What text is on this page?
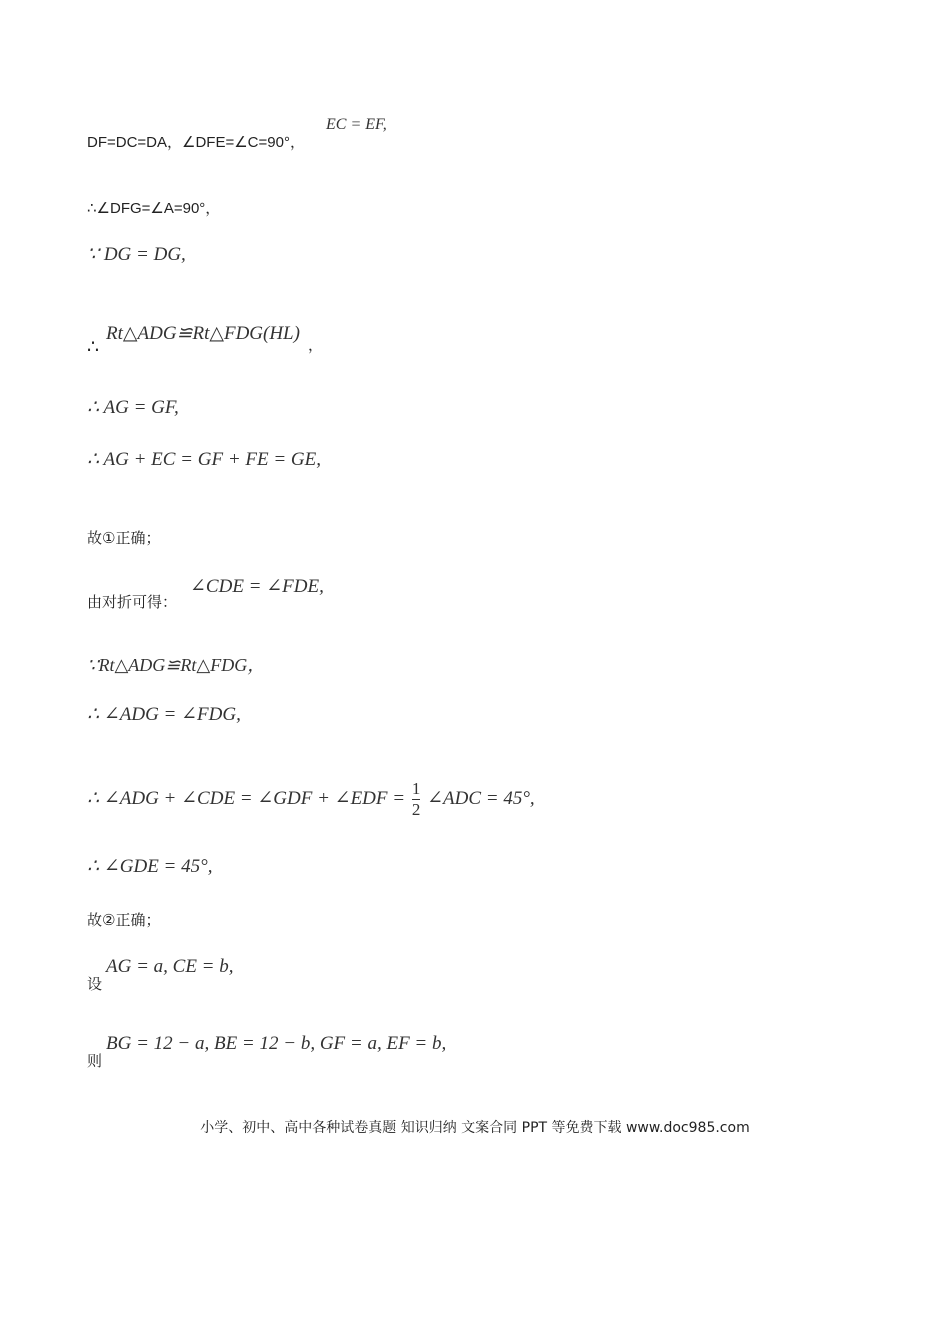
DF=DC=DA，∠DFE=∠C=90°，
EC = EF,
∴∠DFG=∠A=90°，
∵ DG = DG,
∴
Rt△ADG≌Rt△FDG(HL)
，
∴ AG = GF,
∴ AG + EC = GF + FE = GE,
故①正确；
由对折可得：
∠CDE = ∠FDE,
∵Rt△ADG≌Rt△FDG，
∴ ∠ADG = ∠FDG,
∴ ∠ADG + ∠CDE = ∠GDF + ∠EDF = $\frac{1}{2}$ ∠ADC = 45°,
∴ ∠GDE = 45°,
故②正确；
设
AG = a, CE = b,
则
BG = 12 − a, BE = 12 − b, GF = a, EF = b,
小学、初中、高中各种试卷真题 知识归纳 文案合同 PPT 等免费下载 www.doc985.com
